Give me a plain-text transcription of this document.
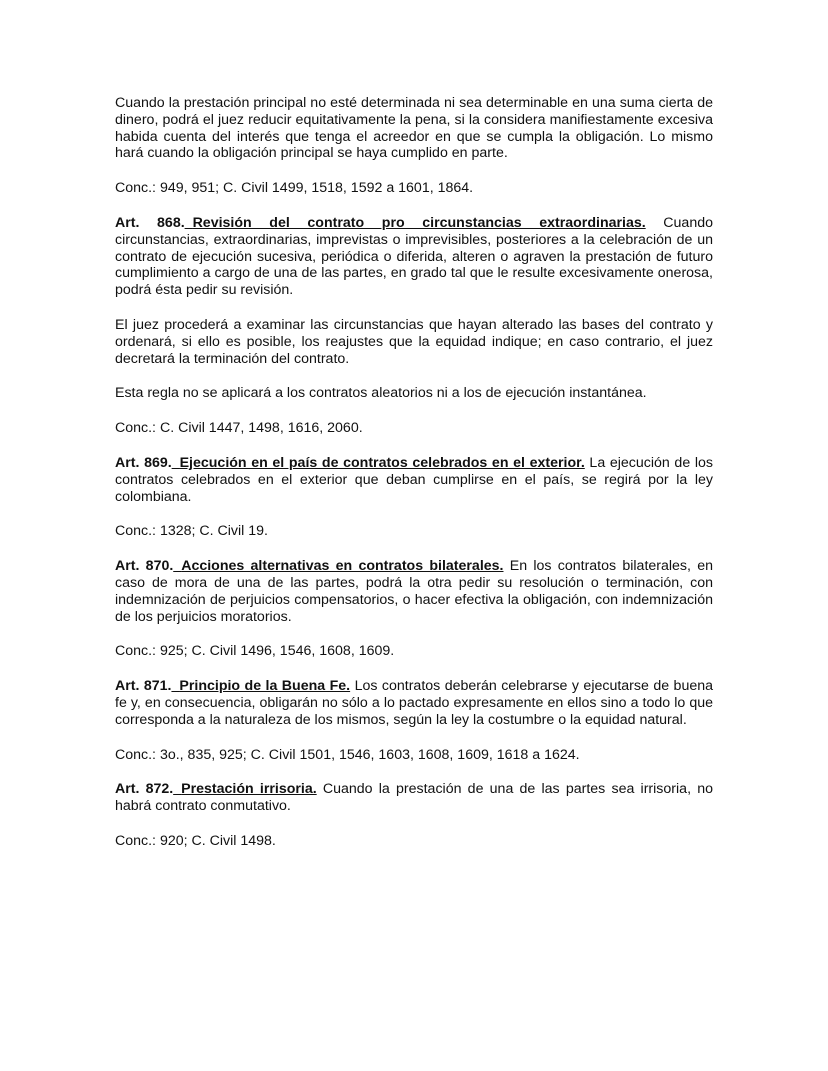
Cuando la prestación principal no esté determinada ni sea determinable en una suma cierta de dinero, podrá el juez reducir equitativamente la pena, si la considera manifiestamente excesiva habida cuenta del interés que tenga el acreedor en que se cumpla la obligación. Lo mismo hará cuando la obligación principal se haya cumplido en parte.

Conc.: 949, 951; C. Civil 1499, 1518, 1592 a 1601, 1864.

Art. 868._Revisión del contrato pro circunstancias extraordinarias. Cuando circunstancias, extraordinarias, imprevistas o imprevisibles, posteriores a la celebración de un contrato de ejecución sucesiva, periódica o diferida, alteren o agraven la prestación de futuro cumplimiento a cargo de una de las partes, en grado tal que le resulte excesivamente onerosa, podrá ésta pedir su revisión.

El juez procederá a examinar las circunstancias que hayan alterado las bases del contrato y ordenará, si ello es posible, los reajustes que la equidad indique; en caso contrario, el juez decretará la terminación del contrato.

Esta regla no se aplicará a los contratos aleatorios ni a los de ejecución instantánea.

Conc.: C. Civil 1447, 1498, 1616, 2060.

Art. 869._Ejecución en el país de contratos celebrados en el exterior. La ejecución de los contratos celebrados en el exterior que deban cumplirse en el país, se regirá por la ley colombiana.

Conc.: 1328; C. Civil 19.

Art. 870._Acciones alternativas en contratos bilaterales. En los contratos bilaterales, en caso de mora de una de las partes, podrá la otra pedir su resolución o terminación, con indemnización de perjuicios compensatorios, o hacer efectiva la obligación, con indemnización de los perjuicios moratorios.

Conc.: 925; C. Civil 1496, 1546, 1608, 1609.

Art. 871._Principio de la Buena Fe. Los contratos deberán celebrarse y ejecutarse de buena fe y, en consecuencia, obligarán no sólo a lo pactado expresamente en ellos sino a todo lo que corresponda a la naturaleza de los mismos, según la ley la costumbre o la equidad natural.

Conc.: 3o., 835, 925; C. Civil 1501, 1546, 1603, 1608, 1609, 1618 a 1624.

Art. 872._Prestación irrisoria. Cuando la prestación de una de las partes sea irrisoria, no habrá contrato conmutativo.

Conc.: 920; C. Civil 1498.
